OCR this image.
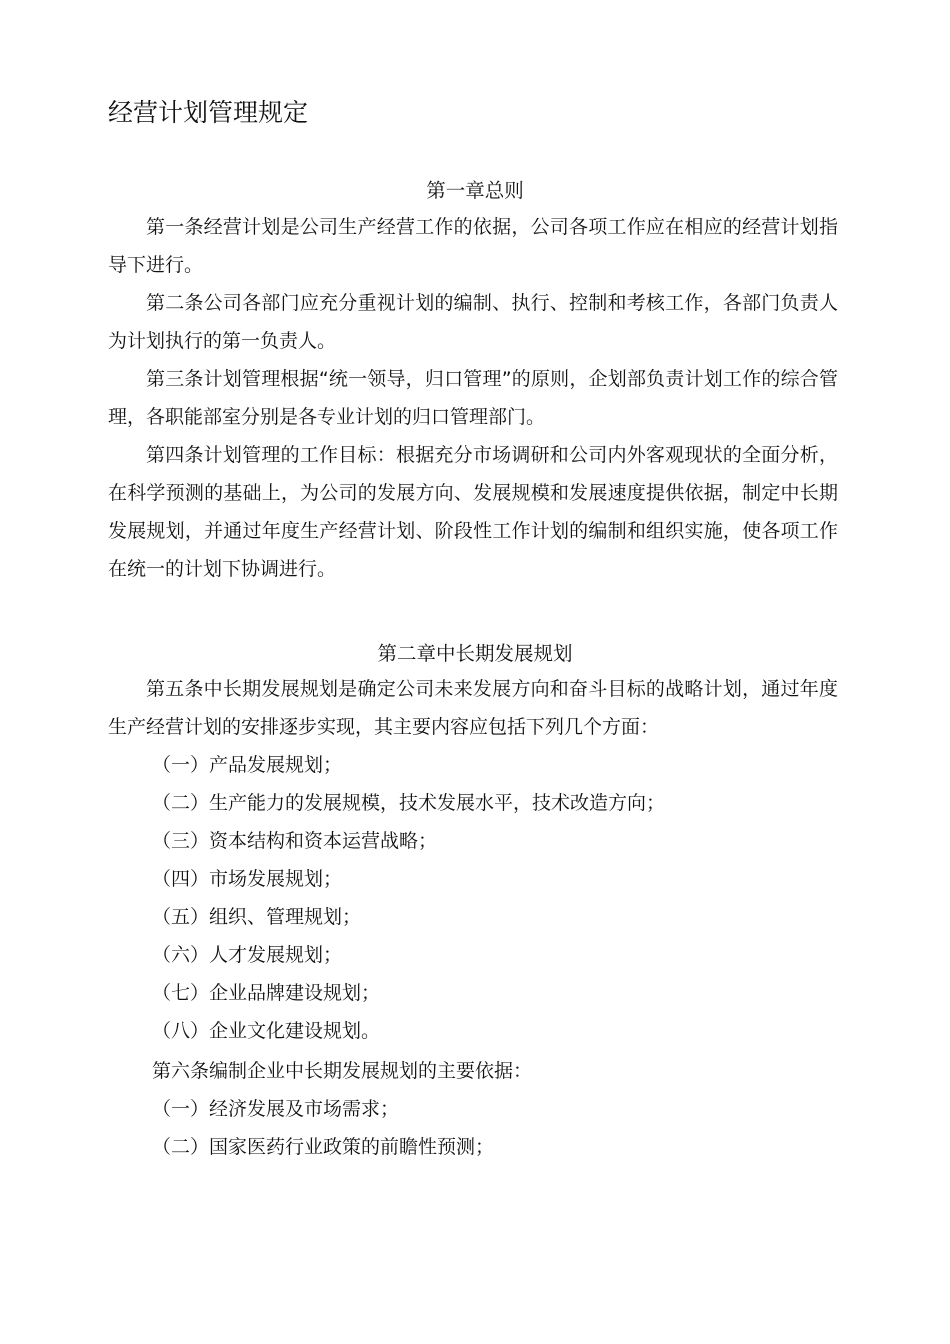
经营计划管理规定
第一章总则
第一条经营计划是公司生产经营工作的依据，公司各项工作应在相应的经营计划指导下进行。
第二条公司各部门应充分重视计划的编制、执行、控制和考核工作，各部门负责人为计划执行的第一负责人。
第三条计划管理根据“统一领导，归口管理”的原则，企划部负责计划工作的综合管理，各职能部室分别是各专业计划的归口管理部门。
第四条计划管理的工作目标：根据充分市场调研和公司内外客观现状的全面分析，在科学预测的基础上，为公司的发展方向、发展规模和发展速度提供依据，制定中长期发展规划，并通过年度生产经营计划、阶段性工作计划的编制和组织实施，使各项工作在统一的计划下协调进行。
第二章中长期发展规划
第五条中长期发展规划是确定公司未来发展方向和奋斗目标的战略计划，通过年度生产经营计划的安排逐步实现，其主要内容应包括下列几个方面：
（一）产品发展规划；
（二）生产能力的发展规模，技术发展水平，技术改造方向；
（三）资本结构和资本运营战略；
（四）市场发展规划；
（五）组织、管理规划；
（六）人才发展规划；
（七）企业品牌建设规划；
（八）企业文化建设规划。
第六条编制企业中长期发展规划的主要依据：
（一）经济发展及市场需求；
（二）国家医药行业政策的前瞻性预测；
